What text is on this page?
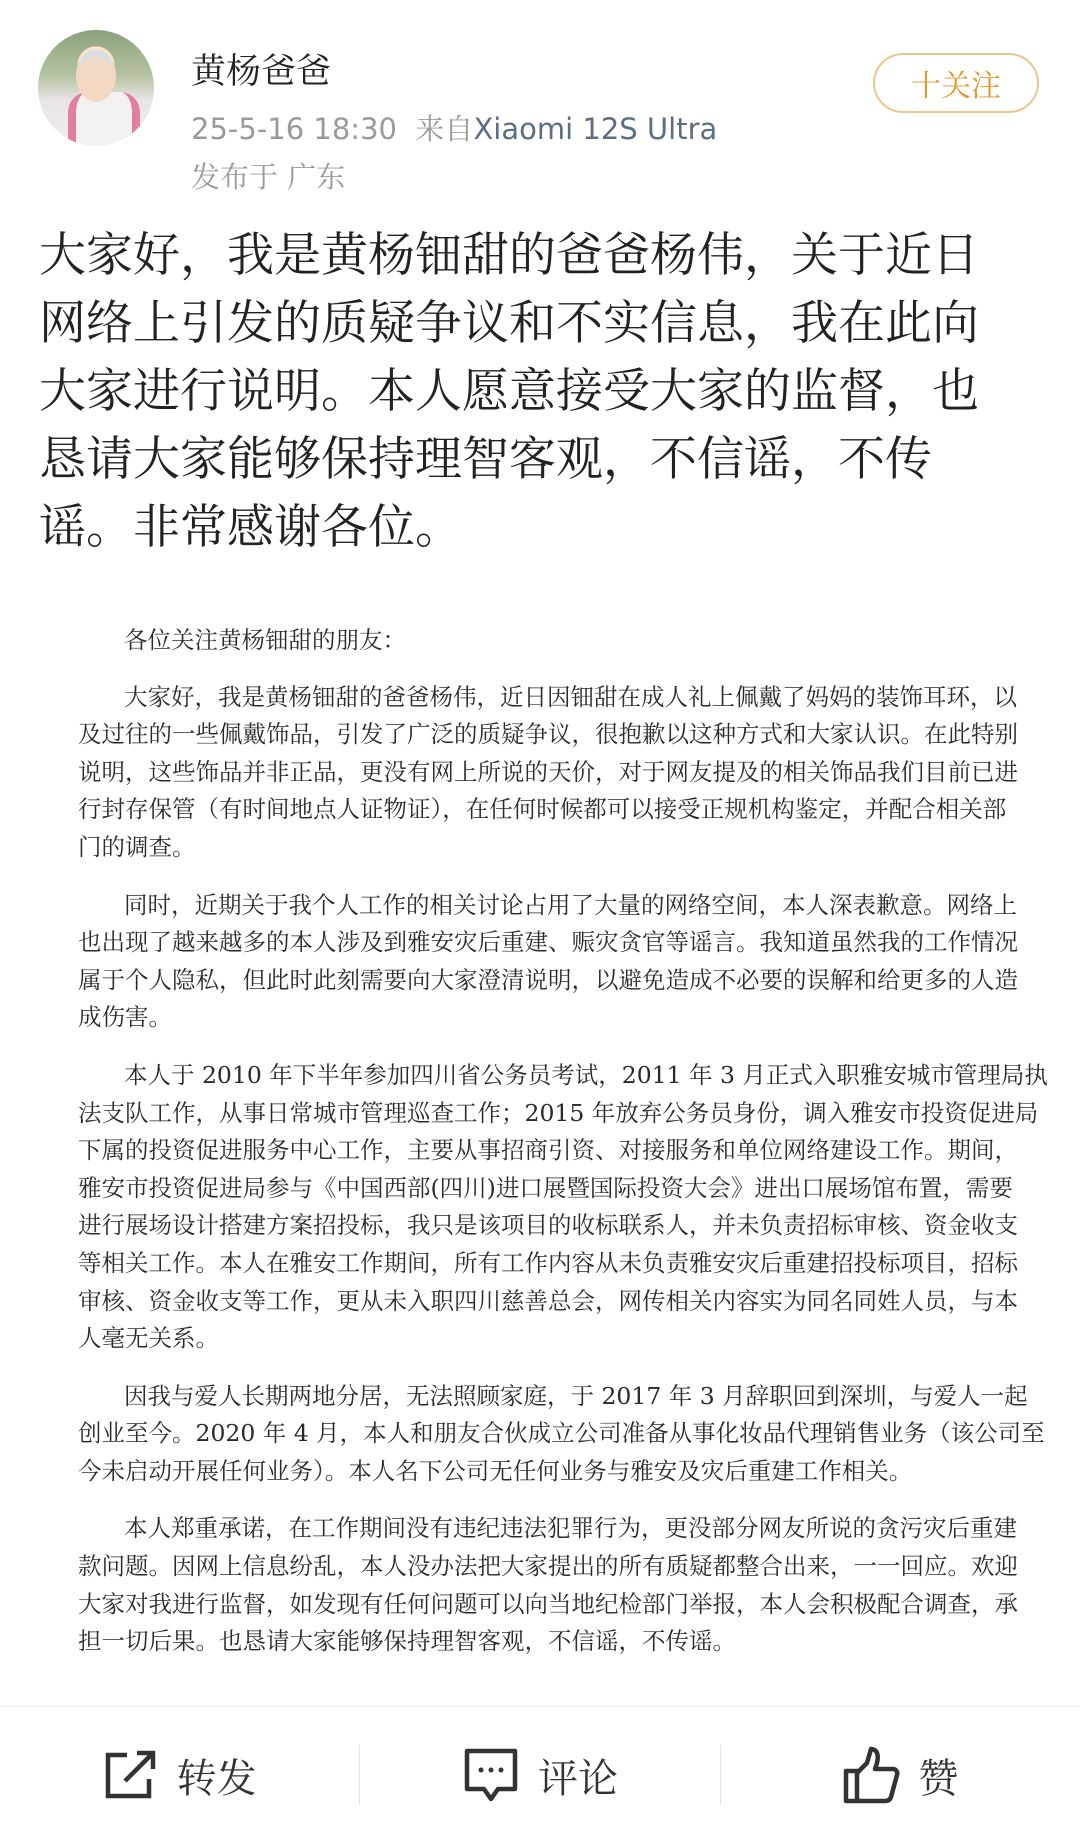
黄杨爸爸
25-5-16 18:30 来自Xiaomi 12S Ultra
发布于 广东
十关注
大家好，我是黄杨钿甜的爸爸杨伟，关于近日
网络上引发的质疑争议和不实信息，我在此向
大家进行说明。本人愿意接受大家的监督，也
恳请大家能够保持理智客观，不信谣，不传
谣。非常感谢各位。
各位关注黄杨钿甜的朋友：
大家好，我是黄杨钿甜的爸爸杨伟，近日因钿甜在成人礼上佩戴了妈妈的装饰耳环，以
及过往的一些佩戴饰品，引发了广泛的质疑争议，很抱歉以这种方式和大家认识。在此特别
说明，这些饰品并非正品，更没有网上所说的天价，对于网友提及的相关饰品我们目前已进
行封存保管（有时间地点人证物证），在任何时候都可以接受正规机构鉴定，并配合相关部
门的调查。
同时，近期关于我个人工作的相关讨论占用了大量的网络空间，本人深表歉意。网络上
也出现了越来越多的本人涉及到雅安灾后重建、赈灾贪官等谣言。我知道虽然我的工作情况
属于个人隐私，但此时此刻需要向大家澄清说明，以避免造成不必要的误解和给更多的人造
成伤害。
本人于 2010 年下半年参加四川省公务员考试，2011 年 3 月正式入职雅安城市管理局执
法支队工作，从事日常城市管理巡查工作；2015 年放弃公务员身份，调入雅安市投资促进局
下属的投资促进服务中心工作，主要从事招商引资、对接服务和单位网络建设工作。期间，
雅安市投资促进局参与《中国西部(四川)进口展暨国际投资大会》进出口展场馆布置，需要
进行展场设计搭建方案招投标，我只是该项目的收标联系人，并未负责招标审核、资金收支
等相关工作。本人在雅安工作期间，所有工作内容从未负责雅安灾后重建招投标项目，招标
审核、资金收支等工作，更从未入职四川慈善总会，网传相关内容实为同名同姓人员，与本
人毫无关系。
因我与爱人长期两地分居，无法照顾家庭，于 2017 年 3 月辞职回到深圳，与爱人一起
创业至今。2020 年 4 月，本人和朋友合伙成立公司准备从事化妆品代理销售业务（该公司至
今未启动开展任何业务）。本人名下公司无任何业务与雅安及灾后重建工作相关。
本人郑重承诺，在工作期间没有违纪违法犯罪行为，更没部分网友所说的贪污灾后重建
款问题。因网上信息纷乱，本人没办法把大家提出的所有质疑都整合出来，一一回应。欢迎
大家对我进行监督，如发现有任何问题可以向当地纪检部门举报，本人会积极配合调查，承
担一切后果。也恳请大家能够保持理智客观，不信谣，不传谣。
转发	评论	赞
